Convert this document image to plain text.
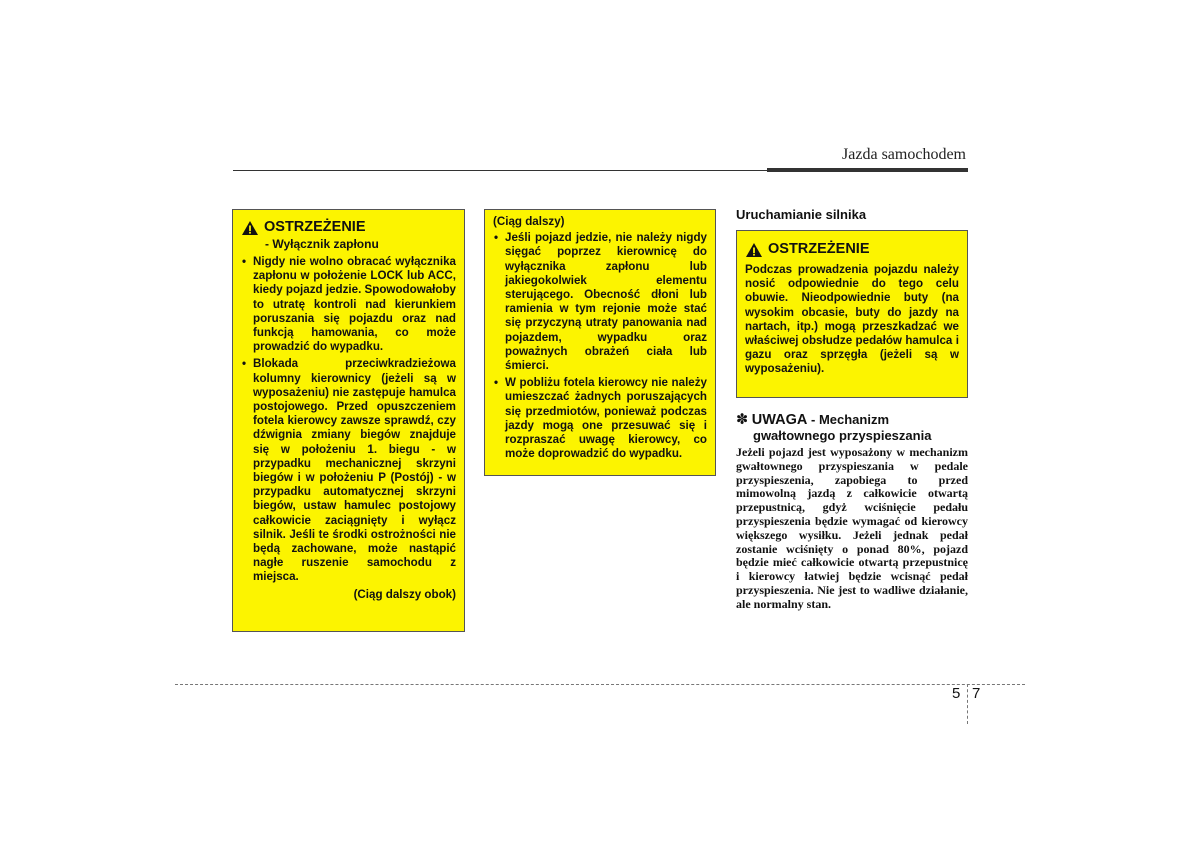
Jazda samochodem
OSTRZEŻENIE
- Wyłącznik zapłonu
• Nigdy nie wolno obracać wyłącznika zapłonu w położenie LOCK lub ACC, kiedy pojazd jedzie. Spowodowałoby to utratę kontroli nad kierunkiem poruszania się pojazdu oraz nad funkcją hamowania, co może prowadzić do wypadku.
• Blokada przeciwkradzieżowa kolumny kierownicy (jeżeli są w wyposażeniu) nie zastępuje hamulca postojowego. Przed opuszczeniem fotela kierowcy zawsze sprawdź, czy dźwignia zmiany biegów znajduje się w położeniu 1. biegu - w przypadku mechanicznej skrzyni biegów i w położeniu P (Postój) - w przypadku automatycznej skrzyni biegów, ustaw hamulec postojowy całkowicie zaciągnięty i wyłącz silnik. Jeśli te środki ostrożności nie będą zachowane, może nastąpić nagłe ruszenie samochodu z miejsca.
(Ciąg dalszy obok)
(Ciąg dalszy)
• Jeśli pojazd jedzie, nie należy nigdy sięgać poprzez kierownicę do wyłącznika zapłonu lub jakiegokolwiek elementu sterującego. Obecność dłoni lub ramienia w tym rejonie może stać się przyczyną utraty panowania nad pojazdem, wypadku oraz poważnych obrażeń ciała lub śmierci.
• W pobliżu fotela kierowcy nie należy umieszczać żadnych poruszających się przedmiotów, ponieważ podczas jazdy mogą one przesuwać się i rozpraszać uwagę kierowcy, co może doprowadzić do wypadku.
Uruchamianie silnika
OSTRZEŻENIE
Podczas prowadzenia pojazdu należy nosić odpowiednie do tego celu obuwie. Nieodpowiednie buty (na wysokim obcasie, buty do jazdy na nartach, itp.) mogą przeszkadzać we właściwej obsłudze pedałów hamulca i gazu oraz sprzęgła (jeżeli są w wyposażeniu).
✽ UWAGA - Mechanizm
gwałtownego przyspieszania
Jeżeli pojazd jest wyposażony w mechanizm gwałtownego przyspieszania w pedale przyspieszenia, zapobiega to przed mimowolną jazdą z całkowicie otwartą przepustnicą, gdyż wciśnięcie pedału przyspieszenia będzie wymagać od kierowcy większego wysiłku. Jeżeli jednak pedał zostanie wciśnięty o ponad 80%, pojazd będzie mieć całkowicie otwartą przepustnicę i kierowcy łatwiej będzie wcisnąć pedał przyspieszenia. Nie jest to wadliwe działanie, ale normalny stan.
5 7
